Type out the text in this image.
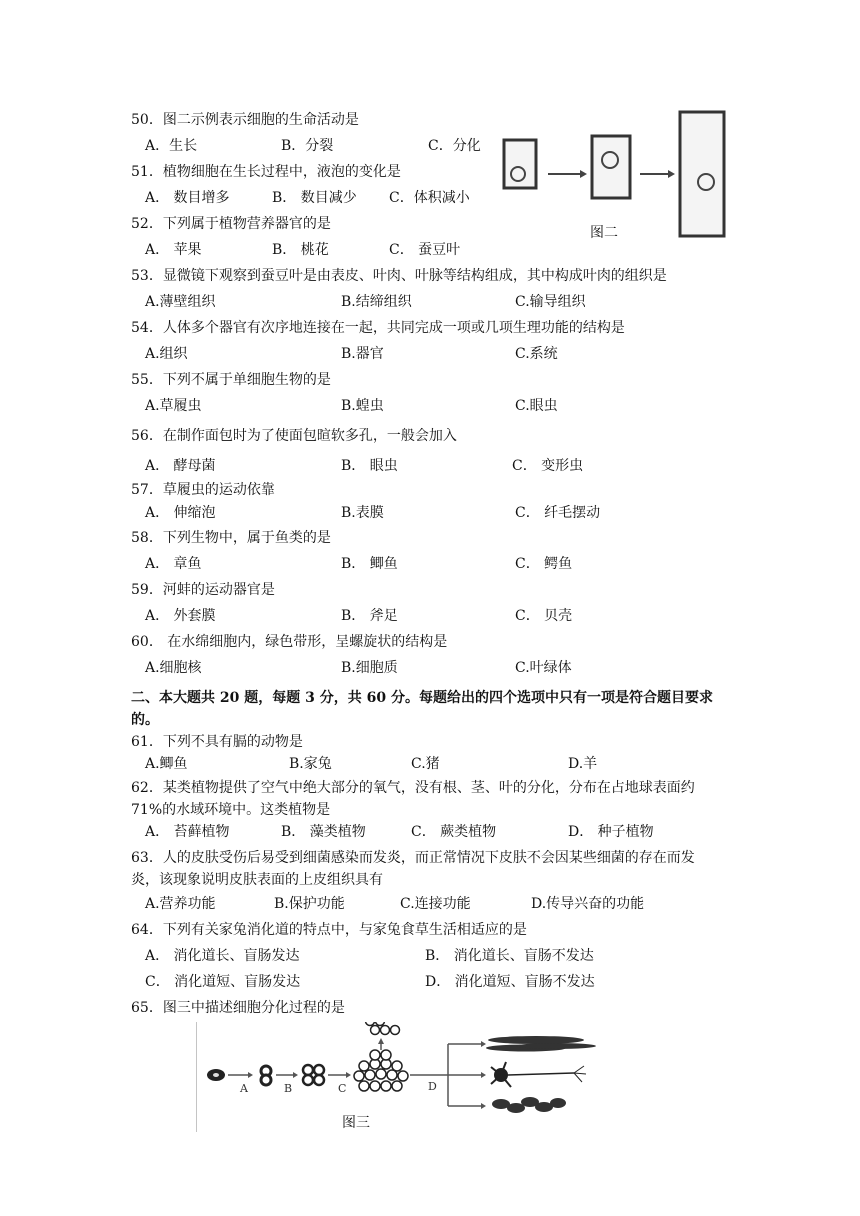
50．图二示例表示细胞的生命活动是
A．生长	B．分裂	C．分化
51．植物细胞在生长过程中，液泡的变化是
A． 数目增多	B． 数目减少 C．体积减小
52．下列属于植物营养器官的是
A． 苹果	B． 桃花	C． 蚕豆叶
图二
53．显微镜下观察到蚕豆叶是由表皮、叶肉、叶脉等结构组成，其中构成叶肉的组织是
A.薄壁组织	B.结缔组织	C.输导组织
54．人体多个器官有次序地连接在一起，共同完成一项或几项生理功能的结构是
A.组织	B.器官	C.系统
55．下列不属于单细胞生物的是
A.草履虫	B.蝗虫	C.眼虫
56．在制作面包时为了使面包暄软多孔，一般会加入
A． 酵母菌	B． 眼虫	C． 变形虫
57．草履虫的运动依靠
A． 伸缩泡	B.表膜	C． 纤毛摆动
58．下列生物中，属于鱼类的是
A． 章鱼	B． 鲫鱼	C． 鳄鱼
59．河蚌的运动器官是
A． 外套膜	B． 斧足	C． 贝壳
60． 在水绵细胞内，绿色带形，呈螺旋状的结构是
A.细胞核	B.细胞质	C.叶绿体
二、本大题共 20 题，每题 3 分，共 60 分。每题给出的四个选项中只有一项是符合题目要求
的。
61．下列不具有膈的动物是
A.鲫鱼	B.家兔	C.猪	D.羊
62．某类植物提供了空气中绝大部分的氧气，没有根、茎、叶的分化，分布在占地球表面约
71%的水域环境中。这类植物是
A． 苔藓植物	B． 藻类植物	C． 蕨类植物	D． 种子植物
63．人的皮肤受伤后易受到细菌感染而发炎，而正常情况下皮肤不会因某些细菌的存在而发
炎，该现象说明皮肤表面的上皮组织具有
A.营养功能	B.保护功能	C.连接功能	D.传导兴奋的功能
64．下列有关家兔消化道的特点中，与家兔食草生活相适应的是
A． 消化道长、盲肠发达	B． 消化道长、盲肠不发达
C． 消化道短、盲肠发达	D． 消化道短、盲肠不发达
65．图三中描述细胞分化过程的是
A	B	C	D
图三
